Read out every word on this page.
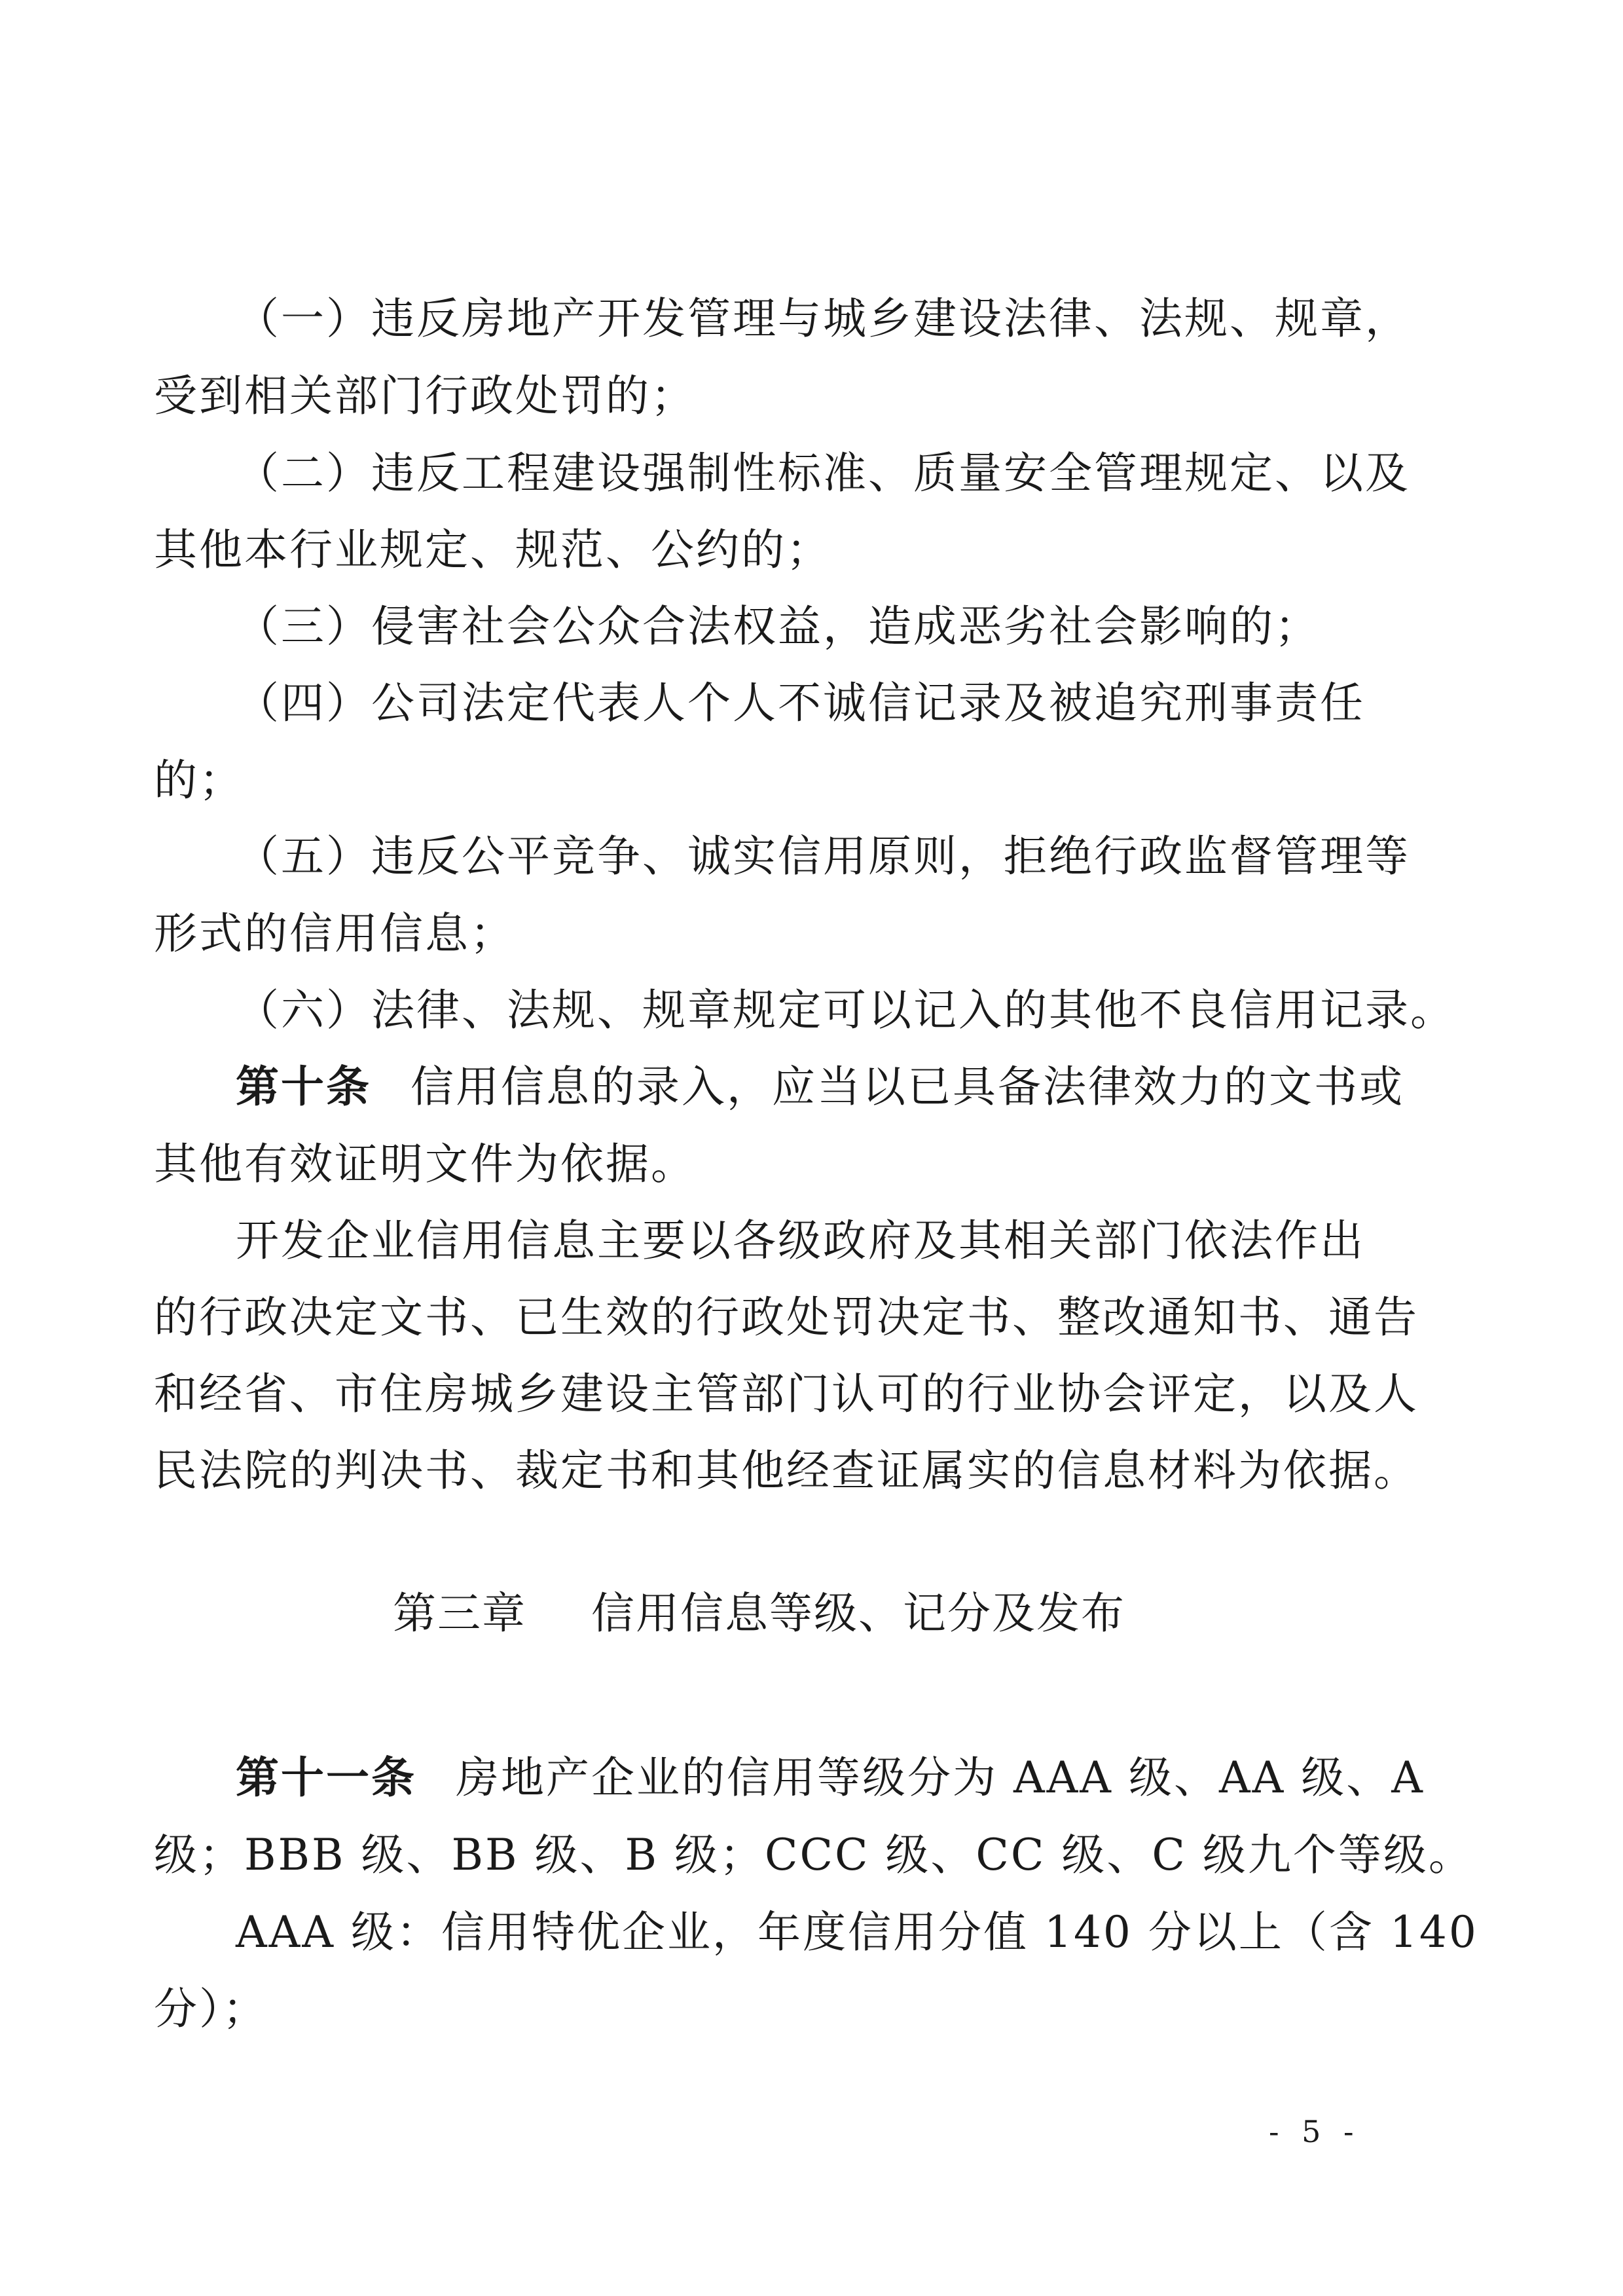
（一）违反房地产开发管理与城乡建设法律、法规、规章，
受到相关部门行政处罚的；
（二）违反工程建设强制性标准、质量安全管理规定、以及
其他本行业规定、规范、公约的；
（三）侵害社会公众合法权益，造成恶劣社会影响的；
（四）公司法定代表人个人不诚信记录及被追究刑事责任
的；
（五）违反公平竞争、诚实信用原则，拒绝行政监督管理等
形式的信用信息；
（六）法律、法规、规章规定可以记入的其他不良信用记录。
第十条 信用信息的录入，应当以已具备法律效力的文书或
其他有效证明文件为依据。
开发企业信用信息主要以各级政府及其相关部门依法作出
的行政决定文书、已生效的行政处罚决定书、整改通知书、通告
和经省、市住房城乡建设主管部门认可的行业协会评定，以及人
民法院的判决书、裁定书和其他经查证属实的信息材料为依据。
第三章 信用信息等级、记分及发布
第十一条 房地产企业的信用等级分为 AAA 级、AA 级、A
级；BBB 级、BB 级、B 级；CCC 级、CC 级、C 级九个等级。
AAA 级：信用特优企业，年度信用分值 140 分以上（含 140
分）；
- 5 -
